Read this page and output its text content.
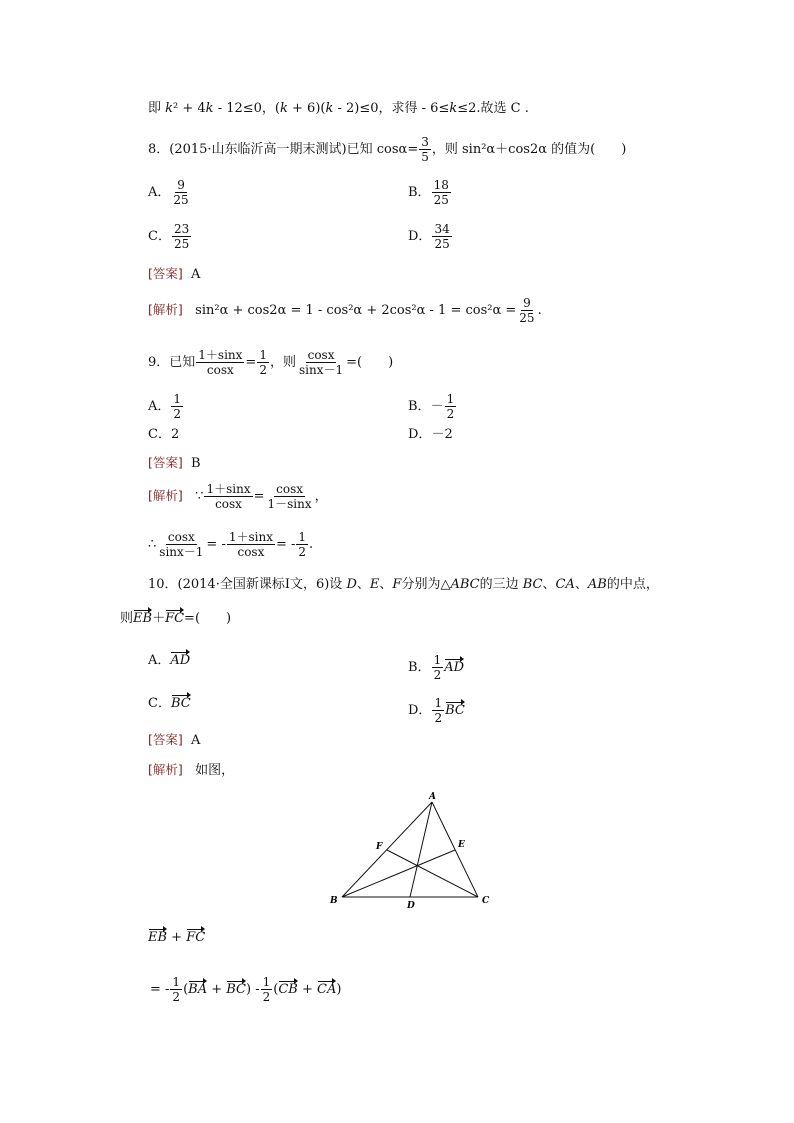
即 k² + 4k - 12≤0，(k + 6)(k - 2)≤0，求得 - 6≤k≤2.故选 C .
8．(2015·山东临沂高一期末测试)已知 $\cos\alpha= \frac{3}{5}$ ，则 sin²α＋cos2α 的值为(　　)
A． $\frac{9}{25}$	B． $\frac{18}{25}$
C． $\frac{23}{25}$	D． $\frac{34}{25}$
[答案] A
[解析] $\sin^2\alpha + \cos 2\alpha = 1 - \cos^2\alpha + 2\cos^2\alpha - 1 = \cos^2\alpha = \frac{9}{25}$ .
9．已知 $\frac{1+\sin x}{\cos x} = \frac{1}{2}$ ，则 $\frac{\cos x}{\sin x-1}$ =(　　)
A． $\frac{1}{2}$	B．－ $\frac{1}{2}$
C．2	D．－2
[答案] B
[解析] ∵ $\frac{1+\sin x}{\cos x} = \frac{\cos x}{1-\sin x}$ ，
∴ $\frac{\cos x}{\sin x-1}$ = - $\frac{1+\sin x}{\cos x}$ = - $\frac{1}{2}$ .
10．(2014·全国新课标Ⅰ文，6)设 D、E、F分别为△ABC的三边 BC、CA、AB的中点，
则EB＋FC=(　　)
A．AD	B． $\frac{1}{2}$ AD
C．BC	D． $\frac{1}{2}$ BC
[答案] A
[解析] 如图，
A
B	C
D
E
F
EB + FC
= - $\frac{1}{2} (BA + BC) - \frac{1}{2} (CB + CA)$
